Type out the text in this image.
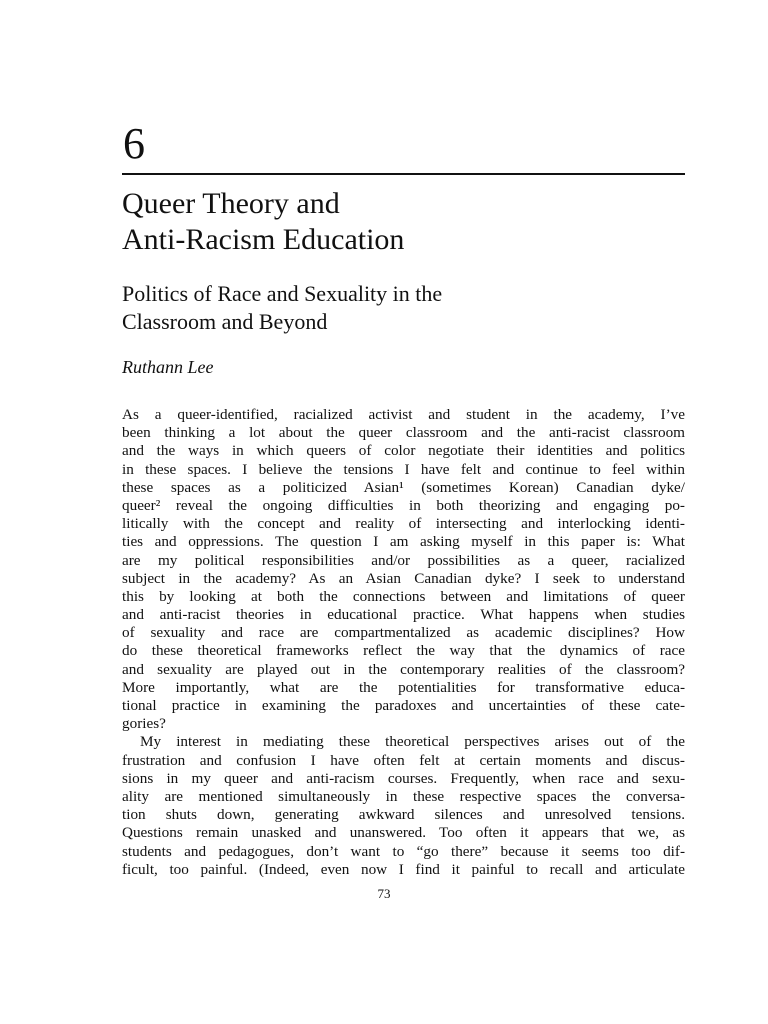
6
Queer Theory and
Anti-Racism Education
Politics of Race and Sexuality in the
Classroom and Beyond
Ruthann Lee
As a queer-identified, racialized activist and student in the academy, I’ve
been thinking a lot about the queer classroom and the anti-racist classroom
and the ways in which queers of color negotiate their identities and politics
in these spaces. I believe the tensions I have felt and continue to feel within
these spaces as a politicized Asian¹ (sometimes Korean) Canadian dyke/
queer² reveal the ongoing difficulties in both theorizing and engaging po-
litically with the concept and reality of intersecting and interlocking identi-
ties and oppressions. The question I am asking myself in this paper is: What
are my political responsibilities and/or possibilities as a queer, racialized
subject in the academy? As an Asian Canadian dyke? I seek to understand
this by looking at both the connections between and limitations of queer
and anti-racist theories in educational practice. What happens when studies
of sexuality and race are compartmentalized as academic disciplines? How
do these theoretical frameworks reflect the way that the dynamics of race
and sexuality are played out in the contemporary realities of the classroom?
More importantly, what are the potentialities for transformative educa-
tional practice in examining the paradoxes and uncertainties of these cate-
gories?
My interest in mediating these theoretical perspectives arises out of the
frustration and confusion I have often felt at certain moments and discus-
sions in my queer and anti-racism courses. Frequently, when race and sexu-
ality are mentioned simultaneously in these respective spaces the conversa-
tion shuts down, generating awkward silences and unresolved tensions.
Questions remain unasked and unanswered. Too often it appears that we, as
students and pedagogues, don’t want to “go there” because it seems too dif-
ficult, too painful. (Indeed, even now I find it painful to recall and articulate
73
